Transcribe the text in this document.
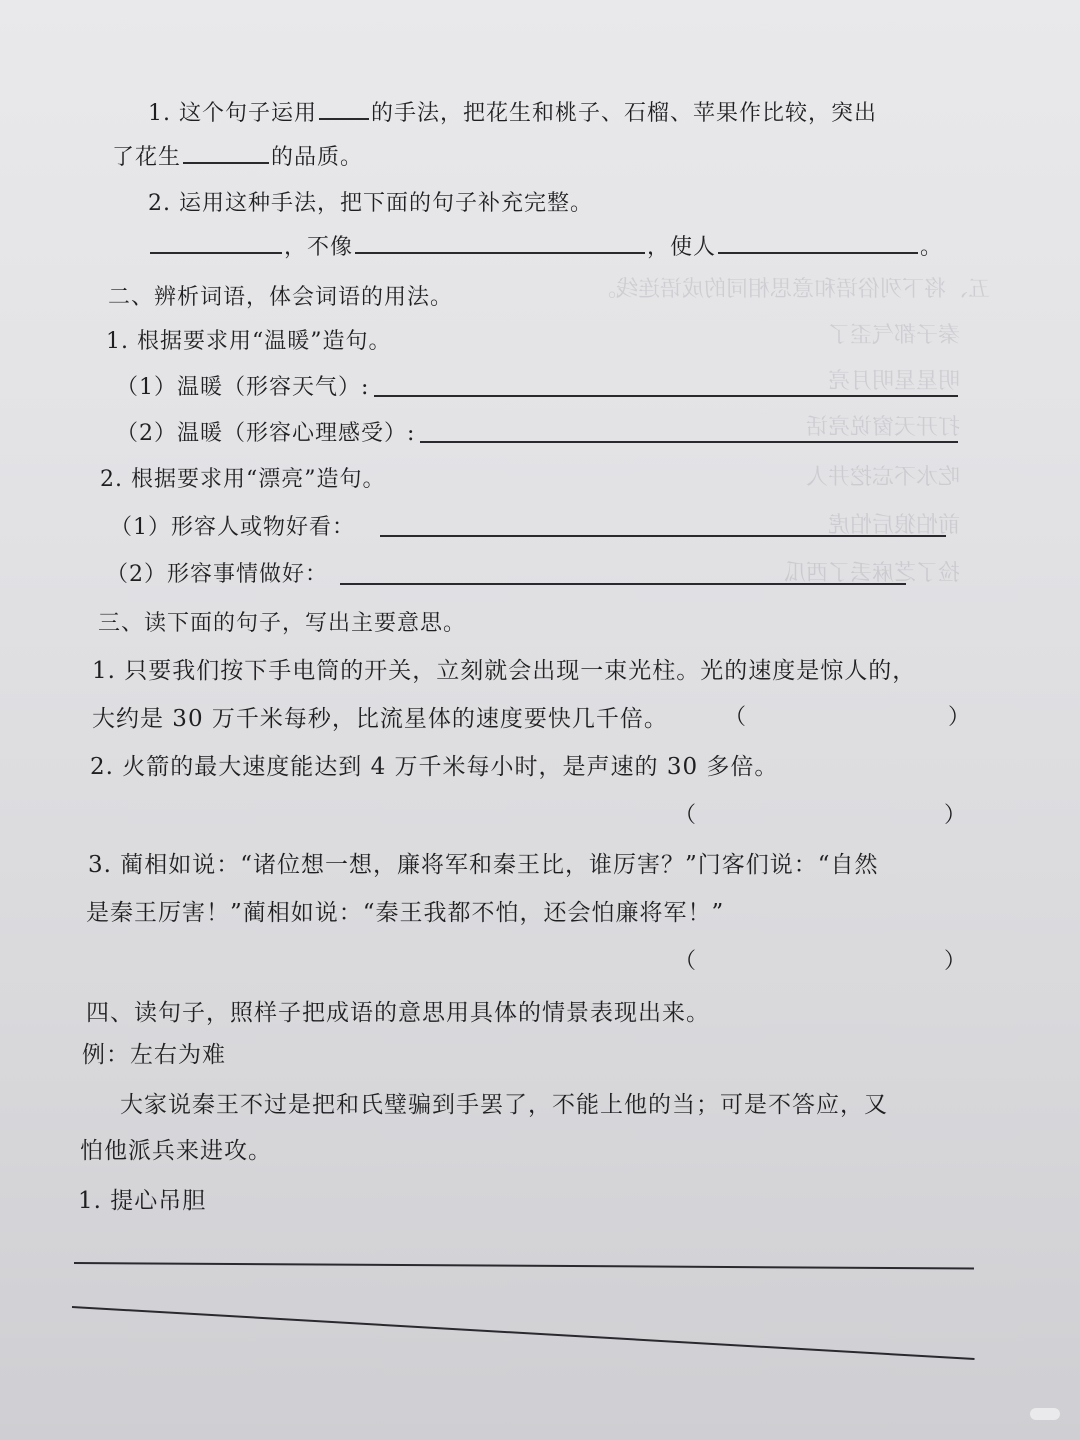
五、将下列俗语和意思相同的成语连线。
秦子都气歪了
明星星明月亮
打开天窗说亮话
吃水不忘挖井人
前怕狼后怕虎
捡了芝麻丢了西瓜
1. 这个句子运用 的手法，把花生和桃子、石榴、苹果作比较，突出
了花生	的品质。
2. 运用这种手法，把下面的句子补充完整。
，不像	，使人	。
二、辨析词语，体会词语的用法。
1. 根据要求用“温暖”造句。
（1）温暖（形容天气）:
（2）温暖（形容心理感受）:
2. 根据要求用“漂亮”造句。
（1）形容人或物好看：
（2）形容事情做好：
三、读下面的句子，写出主要意思。
1. 只要我们按下手电筒的开关，立刻就会出现一束光柱。光的速度是惊人的，
大约是 30 万千米每秒，比流星体的速度要快几千倍。	（	）
2. 火箭的最大速度能达到 4 万千米每小时，是声速的 30 多倍。
（	）
3. 蔺相如说：“诸位想一想，廉将军和秦王比，谁厉害？”门客们说：“自然
是秦王厉害！”蔺相如说：“秦王我都不怕，还会怕廉将军！”
（	）
四、读句子，照样子把成语的意思用具体的情景表现出来。
例：左右为难
大家说秦王不过是把和氏璧骗到手罢了，不能上他的当；可是不答应，又
怕他派兵来进攻。
1. 提心吊胆
